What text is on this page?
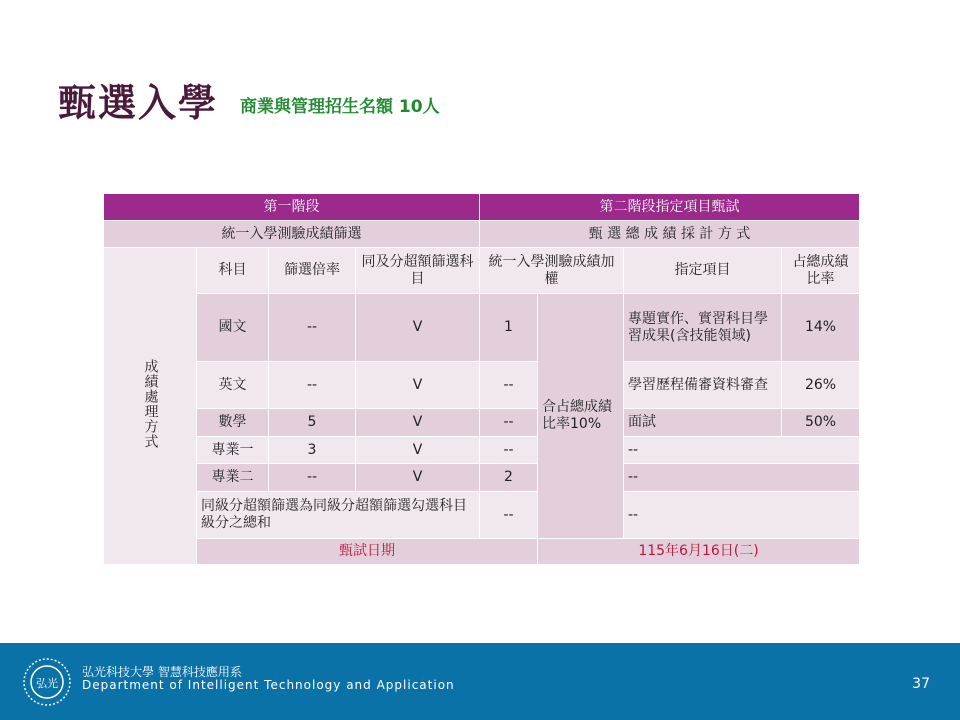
甄選入學 商業與管理招生名額 10人
第一階段				第二階段指定項目甄試			
統一入學測驗成績篩選				甄 選 總 成 績 採 計 方 式			
成績處理方式	科目	篩選倍率	同及分超額篩選科目	統一入學測驗成績加權		指定項目	占總成績比率
	國文	--	V	1	合占總成績比率10%	專題實作、實習科目學習成果(含技能領域)	14%
	英文	--	V	--		學習歷程備審資料審查	26%
	數學	5	V	--		面試	50%
	專業一	3	V	--		--	
	專業二	--	V	2		--	
	同級分超額篩選為同級分超額篩選勾選科目級分之總和			--		--	
	甄試日期				115年6月16日(二)		
弘光
弘光科技大學 智慧科技應用系
Department of Intelligent Technology and Application	37
